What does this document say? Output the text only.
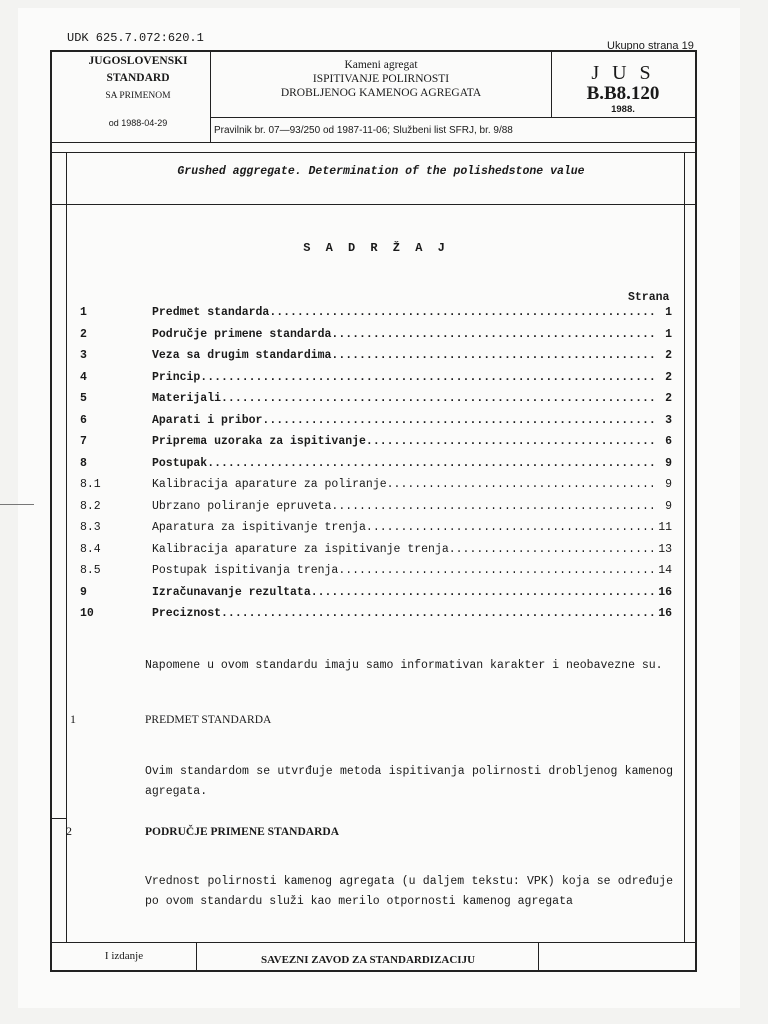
UDK 625.7.072:620.1
Ukupno strana 19
JUGOSLOVENSKI
STANDARD
SA PRIMENOM
od 1988-04-29
Kameni agregat
ISPITIVANJE POLIRNOSTI
DROBLJENOG KAMENOG AGREGATA
Pravilnik br. 07—93/250 od 1987-11-06; Službeni list SFRJ, br. 9/88
J U S
B.B8.120
1988.
Grushed aggregate. Determination of the polishedstone value
S A D R Ž A J
Strana
1	Predmet standarda .....	1
2	Područje primene standarda .....	1
3	Veza sa drugim standardima .....	2
4	Princip .....	2
5	Materijali .....	2
6	Aparati i pribor .....	3
7	Priprema uzoraka za ispitivanje .....	6
8	Postupak .....	9
8.1	Kalibracija aparature za poliranje .....	9
8.2	Ubrzano poliranje epruveta .....	9
8.3	Aparatura za ispitivanje trenja .....	11
8.4	Kalibracija aparature za ispitivanje trenja .....	13
8.5	Postupak ispitivanja trenja .....	14
9	Izračunavanje rezultata .....	16
10	Preciznost .....	16
Napomene u ovom standardu imaju samo informativan karakter i neobavezne su.
1	PREDMET STANDARDA
Ovim standardom se utvrđuje metoda ispitivanja polirnosti drobljenog kamenog agregata.
2	PODRUČJE PRIMENE STANDARDA
Vrednost polirnosti kamenog agregata (u daljem tekstu: VPK) koja se određuje po ovom standardu služi kao merilo otpornosti kamenog agregata
I izdanje	SAVEZNI ZAVOD ZA STANDARDIZACIJU
